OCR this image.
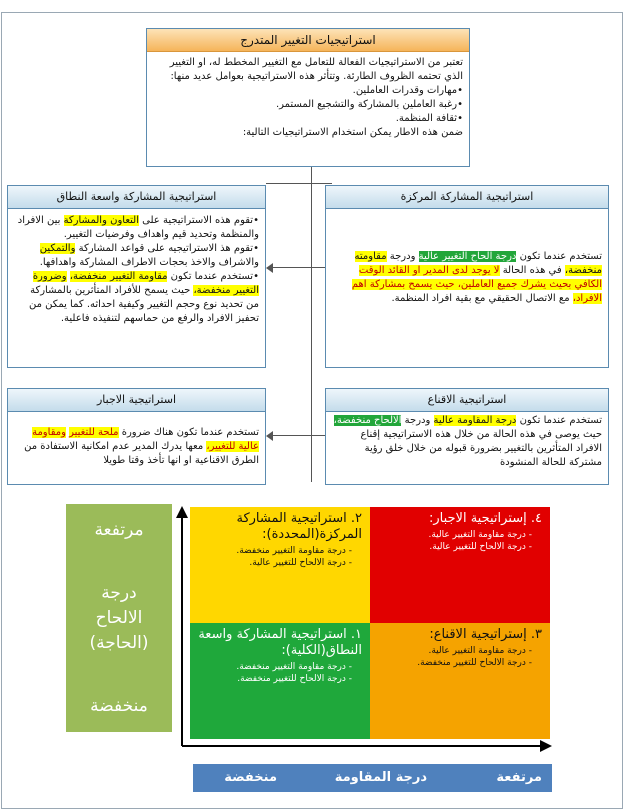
استراتيجيات التغيير المتدرج

تعتبر من الاستراتيجيات الفعالة للتعامل مع التغيير المخطط له، او التغيير الذي تحتمه الظروف الطارئة. وتتأثر هذه الاستراتيجية بعوامل عديد منها:

• مهارات وقدرات العاملين.
• رغبة العاملين بالمشاركة والتشجيع المستمر.
• ثقافة المنظمة.

ضمن هذه الاطار يمكن استخدام الاستراتيجيات التالية:

استراتيجية المشاركة واسعة النطاق
• تقوم هذه الاستراتيجية على التعاون والمشاركة بين الافراد والمنظمة وتحديد قيم واهداف وفرضيات التغيير.
• تقوم هذ الاستراتيجيه على قواعد المشاركة والتمكين والاشراف والاخذ بحجات الاطراف المشاركة واهدافها.
• تستخدم عندما تكون مقاومة التغيير منخفضة، وضرورة التغيير منخفضة، حيث يسمح للأفراد المتأثرين بالمشاركة من تحديد نوع وحجم التغيير وكيفية احداثه. كما يمكن من تحفيز الافراد والرفع من حماسهم لتنفيذه فاعلية.
استراتيجية المشاركة المركزة

تستخدم عندما تكون درجة الحاح التغيير عالية ودرجة مقاومته منخفضة، في هذه الحالة لا يوجد لدى المدير او القائد الوقت الكافي بحيث يشرك جميع العاملين، حيث يسمح بمشاركة اهم الافراد، مع الاتصال الحقيقي مع بقية افراد المنظمة.

استراتيجية الاجبار

تستخدم عندما تكون هناك ضرورة ملحة للتغيير ومقاومة عالية للتغيير، معها يدرك المدير عدم امكانية الاستفادة من الطرق الاقناعية او انها تأخذ وقتا طويلا

استراتيجية الاقناع

تستخدم عندما تكون درجة المقاومة عالية ودرجة الالحاح منخفضة، حيث يوصى في هذه الحالة من خلال هذه الاستراتيجية إقناع الافراد المتأثرين بالتغيير بضرورة قبوله من خلال خلق رؤية مشتركة للحالة المنشودة

مرتفعة
درجة
الالحاح
(الحاجة)
منخفضة
٢. استراتيجية المشاركة المركزة(المحددة):
- درجة مقاومة التغيير منخفضة.
- درجة الالحاح للتغيير عالية.
٤. إستراتيجية الاجبار:
- درجة مقاومة التغيير عالية.
- درجة الالحاح للتغيير عالية.
١. استراتيجية المشاركة واسعة النطاق(الكلية):
- درجة مقاومة التغيير منخفضة.
- درجة الالحاح للتغيير منخفضة.
٣. إستراتيجية الاقناع:
- درجة مقاومة التغيير عالية.
- درجة الالحاح للتغيير منخفضة.
مرتفعة
درجة المقاومة
منخفضة
